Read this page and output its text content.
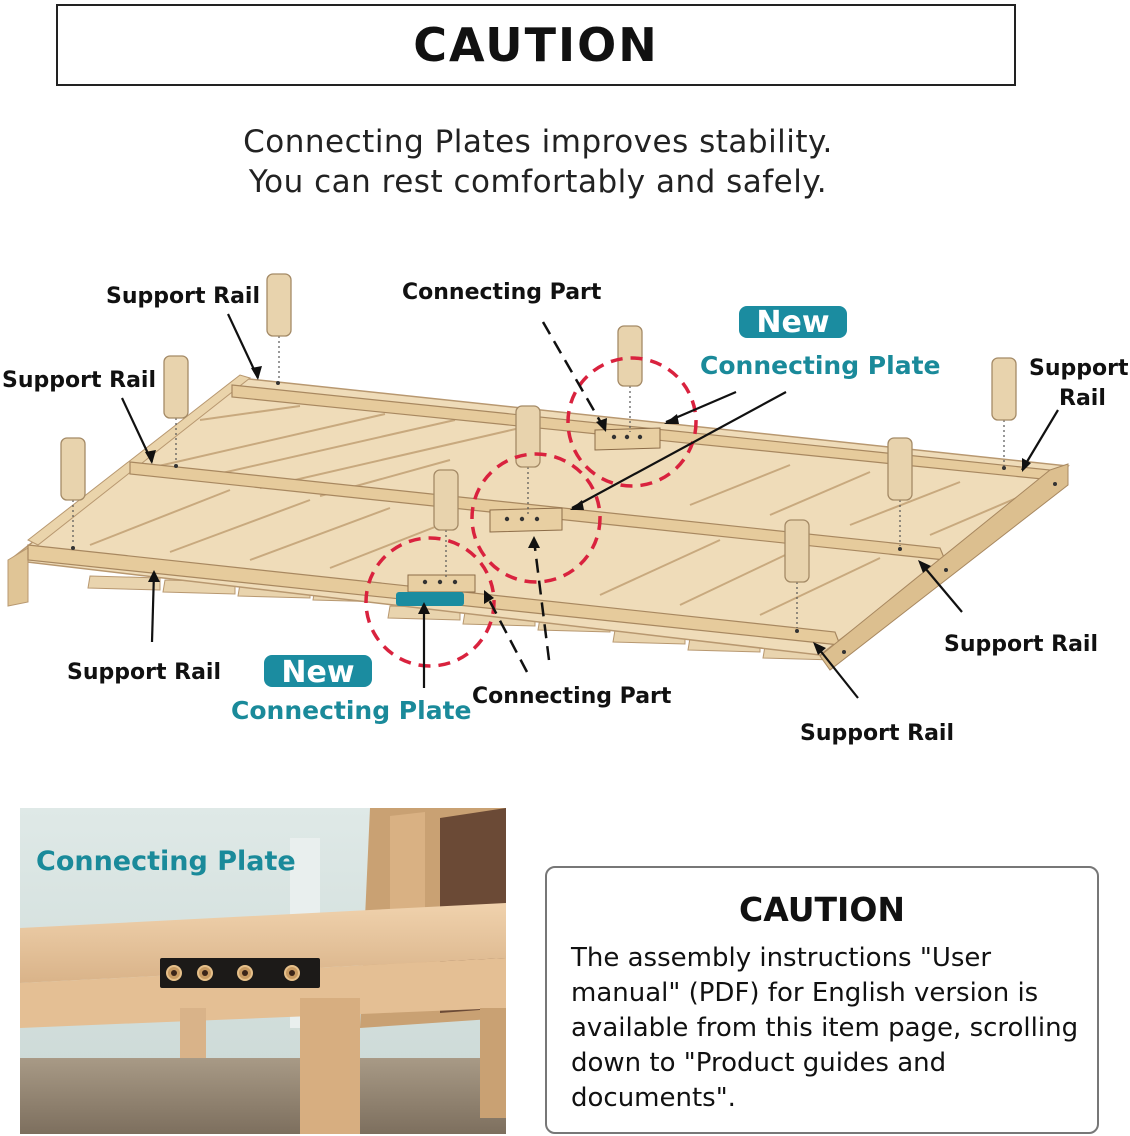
CAUTION
Connecting Plates improves stability.
You can rest comfortably and safely.
Support Rail
Support Rail
Connecting Part
Support
Rail
Support Rail
Support Rail
Support Rail
Connecting Part
New
Connecting Plate
New
Connecting Plate
Connecting Plate
CAUTION
The assembly instructions "User manual" (PDF) for English version is available from this item page, scrolling down to "Product guides and documents".
